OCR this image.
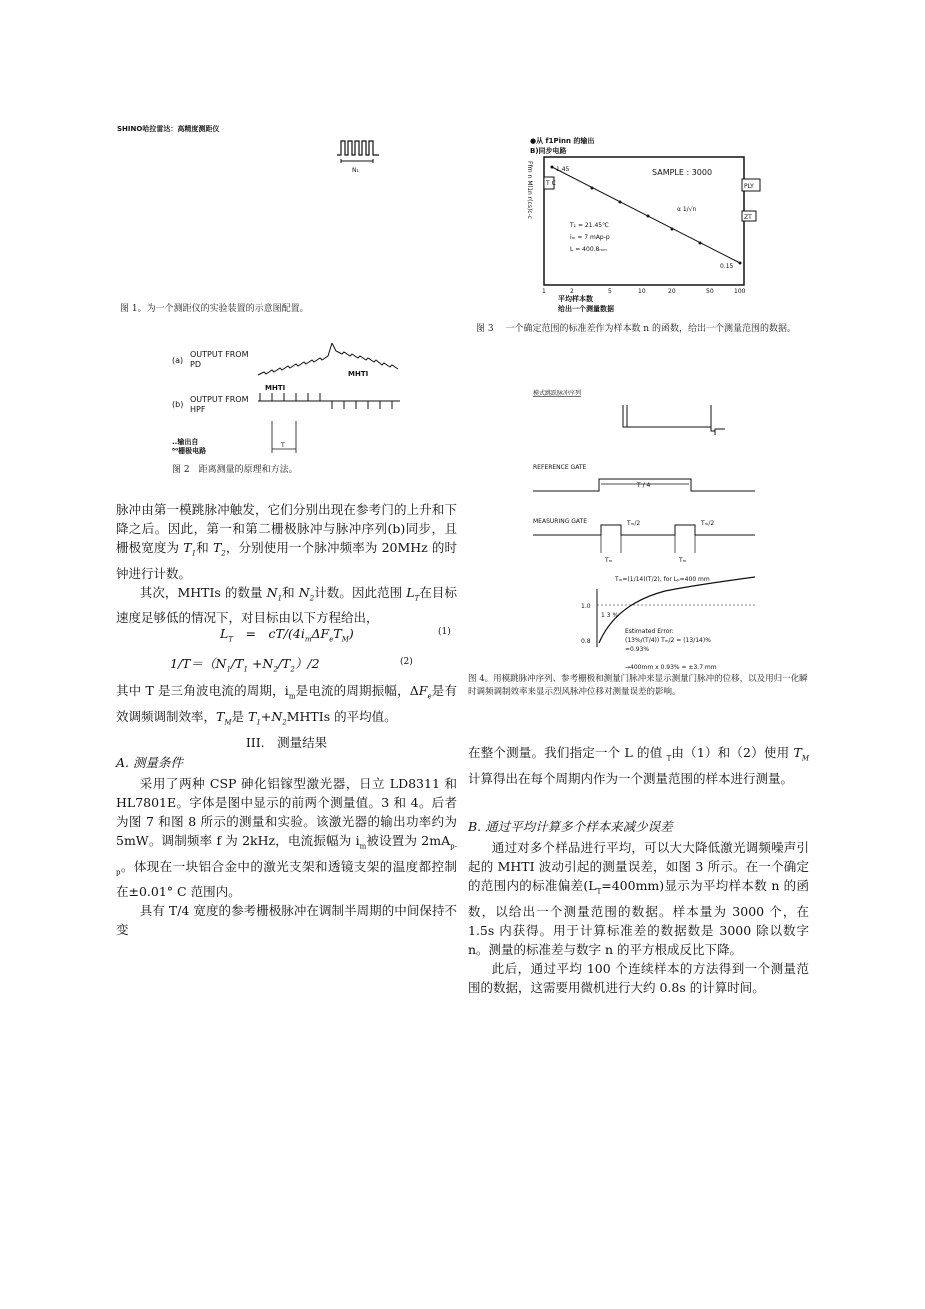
SHINO哈拉雷达：高精度测距仪
N₁
图 1。为一个测距仪的实验装置的示意图配置。
(a)
OUTPUT FROM
PD
MHTI
MHTI
(b)
OUTPUT FROM
HPF
T
..输出自
⁸⁰栅极电路
图 2　距离测量的原理和方法。
●从 f1Pinn 的输出
B)同步电路
Ffrn n Ml1n r(cs)c-c T C	PLY
ZT
1.45
0.15
SAMPLE : 3000
α 1/√n
T₁ = 21.45℃
iₘ = 7 mAp-p
L = 400.8ₘₘ
1	2	5	10	20	50	100
平均样本数
给出一个测量数据
图 3　 一个确定范围的标准差作为样本数 n 的函数，给出一个测量范围的数据。
模式跳跃脉冲序列
REFERENCE GATE
T / 4
MEASURING GATE	Tₘ/2	Tₘ/2
Tₘ	Tₘ
Tₘ=(1/14)(T/2), for Lₚ=400 mm
1.0
0.8
1 3 %
Estimated Error:
(13%/(T/4)) Tₘ/2 = (13/14)%
=0.93%
→400mm x 0.93% = ±3.7 mm
图 4。用模跳脉冲序列、参考栅极和测量门脉冲来显示测量门脉冲的位移，以及用归一化瞬时调频调制效率来显示烈风脉冲位移对测量误差的影响。

脉冲由第一模跳脉冲触发，它们分别出现在参考门的上升和下降之后。因此，第一和第二栅极脉冲与脉冲序列(b)同步，且栅极宽度为 $T_1$和 $T_2$，分别使用一个脉冲频率为 20MHz 的时钟进行计数。

其次，MHTIs 的数量 $N_1$和 $N_2$计数。因此范围 $L_T$在目标速度足够低的情况下，对目标由以下方程给出，

$L_T$　=　$cT/(4i_m\Delta F_eT_M)$	(1)
$1/T=(N_1/T_1 +N_2/T_2)/2$	(2)

其中 T 是三角波电流的周期，$i_m$是电流的周期振幅，$\Delta F_e$是有效调频调制效率，$T_M$是 $T_1+N_2MHTIs$ 的平均值。

III.　测量结果
A. 测量条件

采用了两种 CSP 砷化铝镓型激光器，日立 LD8311 和 HL7801E。字体是图中显示的前两个测量值。3 和 4。后者为图 7 和图 8 所示的测量和实验。该激光器的输出功率约为 5mW。调制频率 f 为 2kHz，电流振幅为 $i_m$被设置为 $2mA_{p-p}$。体现在一块铝合金中的激光支架和透镜支架的温度都控制在±0.01° C 范围内。

具有 T/4 宽度的参考栅极脉冲在调制半周期的中间保持不变

在整个测量。我们指定一个 L 的值 $_T$由（1）和（2）使用 $T_M$计算得出在每个周期内作为一个测量范围的样本进行测量。

B. 通过平均计算多个样本来减少误差

通过对多个样品进行平均，可以大大降低激光调频噪声引起的 MHTI 波动引起的测量误差，如图 3 所示。在一个确定的范围内的标准偏差$(L_T=400mm)$显示为平均样本数 n 的函数，以给出一个测量范围的数据。样本量为 3000 个，在 1.5s 内获得。用于计算标准差的数据数是 3000 除以数字 n。测量的标准差与数字 n 的平方根成反比下降。

此后，通过平均 100 个连续样本的方法得到一个测量范围的数据，这需要用微机进行大约 0.8s 的计算时间。
